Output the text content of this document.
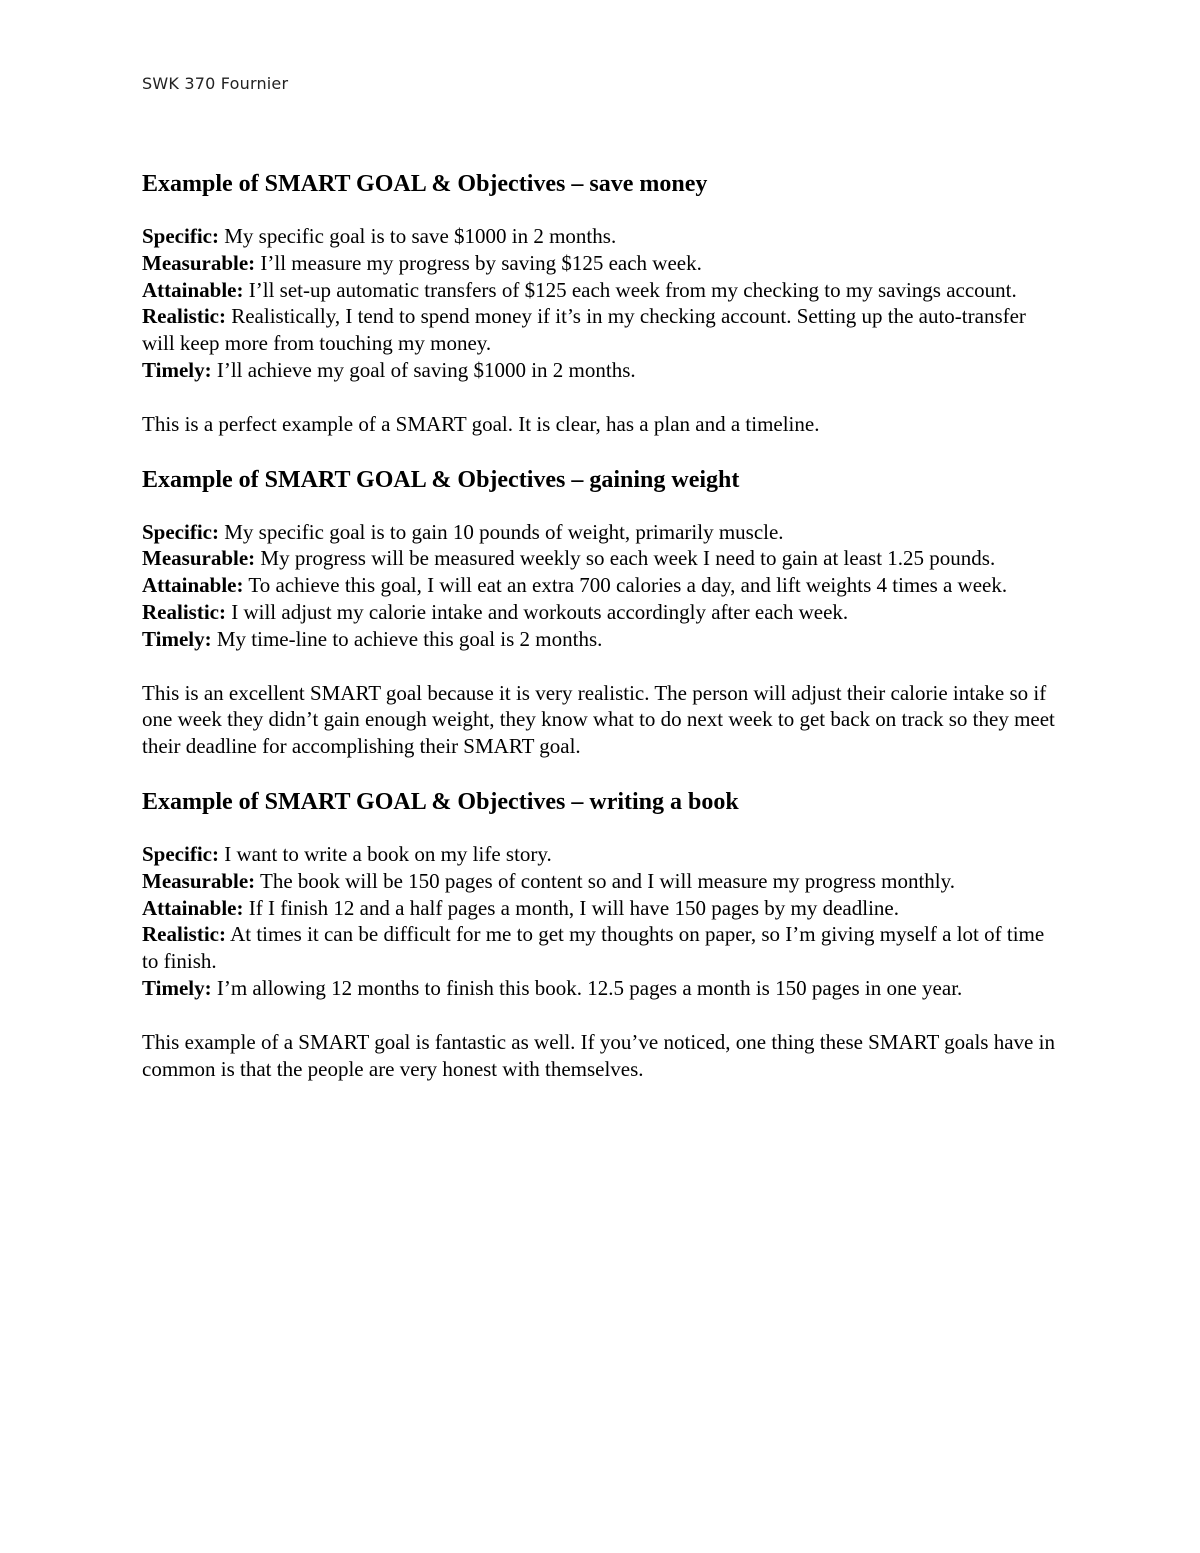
SWK 370 Fournier

Example of SMART GOAL & Objectives – save money

Specific: My specific goal is to save $1000 in 2 months.

Measurable: I’ll measure my progress by saving $125 each week.

Attainable: I’ll set-up automatic transfers of $125 each week from my checking to my savings account.

Realistic: Realistically, I tend to spend money if it’s in my checking account. Setting up the auto-transfer will keep more from touching my money.

Timely: I’ll achieve my goal of saving $1000 in 2 months.

This is a perfect example of a SMART goal. It is clear, has a plan and a timeline.

Example of SMART GOAL & Objectives – gaining weight

Specific: My specific goal is to gain 10 pounds of weight, primarily muscle.

Measurable: My progress will be measured weekly so each week I need to gain at least 1.25 pounds.

Attainable: To achieve this goal, I will eat an extra 700 calories a day, and lift weights 4 times a week.

Realistic: I will adjust my calorie intake and workouts accordingly after each week.

Timely: My time-line to achieve this goal is 2 months.

This is an excellent SMART goal because it is very realistic. The person will adjust their calorie intake so if one week they didn’t gain enough weight, they know what to do next week to get back on track so they meet their deadline for accomplishing their SMART goal.

Example of SMART GOAL & Objectives – writing a book

Specific: I want to write a book on my life story.

Measurable: The book will be 150 pages of content so and I will measure my progress monthly.

Attainable: If I finish 12 and a half pages a month, I will have 150 pages by my deadline.

Realistic: At times it can be difficult for me to get my thoughts on paper, so I’m giving myself a lot of time to finish.

Timely: I’m allowing 12 months to finish this book. 12.5 pages a month is 150 pages in one year.

This example of a SMART goal is fantastic as well. If you’ve noticed, one thing these SMART goals have in common is that the people are very honest with themselves.
